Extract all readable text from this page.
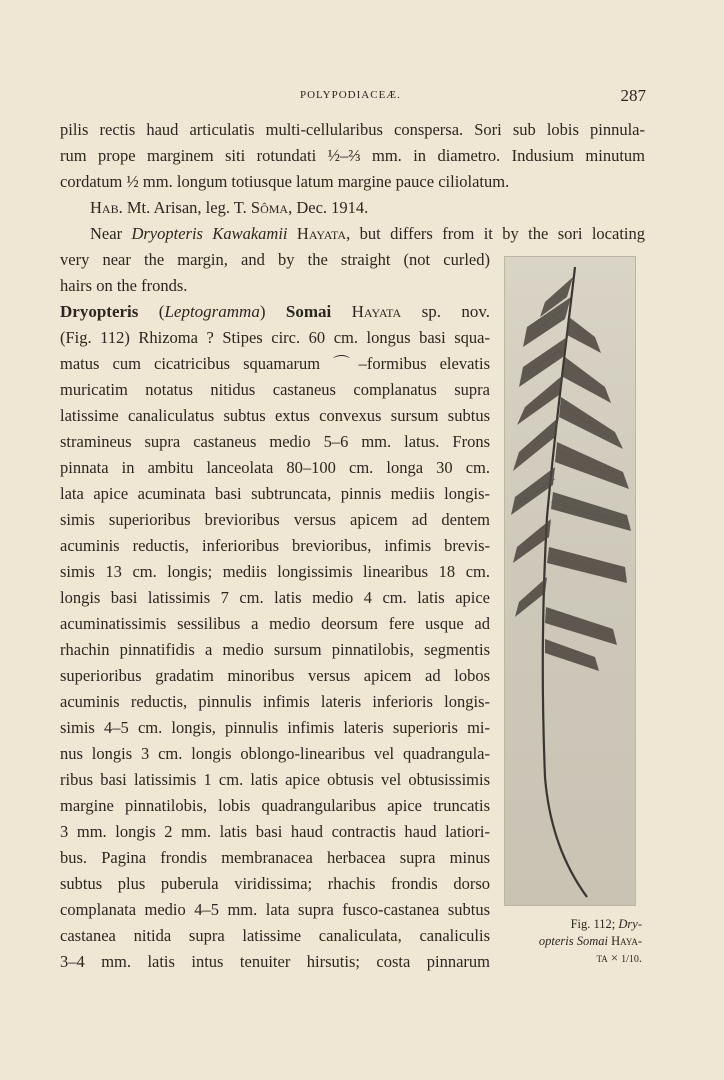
POLYPODIACEÆ.	287
pilis rectis haud articulatis multi-cellularibus conspersa. Sori sub lobis pinnula-
rum prope marginem siti rotundati ½–⅔ mm. in diametro. Indusium minutum
cordatum ½ mm. longum totiusque latum margine pauce ciliolatum.
Hab. Mt. Arisan, leg. T. Sôma, Dec. 1914.
Near Dryopteris Kawakamii Hayata, but differs from it by the sori locating
very near the margin, and by the straight (not curled)
hairs on the fronds.
Dryopteris (Leptogramma) Somai Hayata sp. nov.
(Fig. 112) Rhizoma ? Stipes circ. 60 cm. longus basi squa-
matus cum cicatricibus squamarum ⌒–formibus elevatis
muricatim notatus nitidus castaneus complanatus supra
latissime canaliculatus subtus extus convexus sursum subtus
stramineus supra castaneus medio 5–6 mm. latus. Frons
pinnata in ambitu lanceolata 80–100 cm. longa 30 cm.
lata apice acuminata basi subtruncata, pinnis mediis longis-
simis superioribus brevioribus versus apicem ad dentem
acuminis reductis, inferioribus brevioribus, infimis brevis-
simis 13 cm. longis; mediis longissimis linearibus 18 cm.
longis basi latissimis 7 cm. latis medio 4 cm. latis apice
acuminatissimis sessilibus a medio deorsum fere usque ad
rhachin pinnatifidis a medio sursum pinnatilobis, segmentis
superioribus gradatim minoribus versus apicem ad lobos
acuminis reductis, pinnulis infimis lateris inferioris longis-
simis 4–5 cm. longis, pinnulis infimis lateris superioris mi-
nus longis 3 cm. longis oblongo-linearibus vel quadrangula-
ribus basi latissimis 1 cm. latis apice obtusis vel obtusissimis
margine pinnatilobis, lobis quadrangularibus apice truncatis
3 mm. longis 2 mm. latis basi haud contractis haud latiori-
bus. Pagina frondis membranacea herbacea supra minus
subtus plus puberula viridissima; rhachis frondis dorso
complanata medio 4–5 mm. lata supra fusco-castanea subtus
castanea nitida supra latissime canaliculata, canaliculis
3–4 mm. latis intus tenuiter hirsutis; costa pinnarum
Fig. 112; Dry-
opteris Somai Haya-
ta × 1/10.
